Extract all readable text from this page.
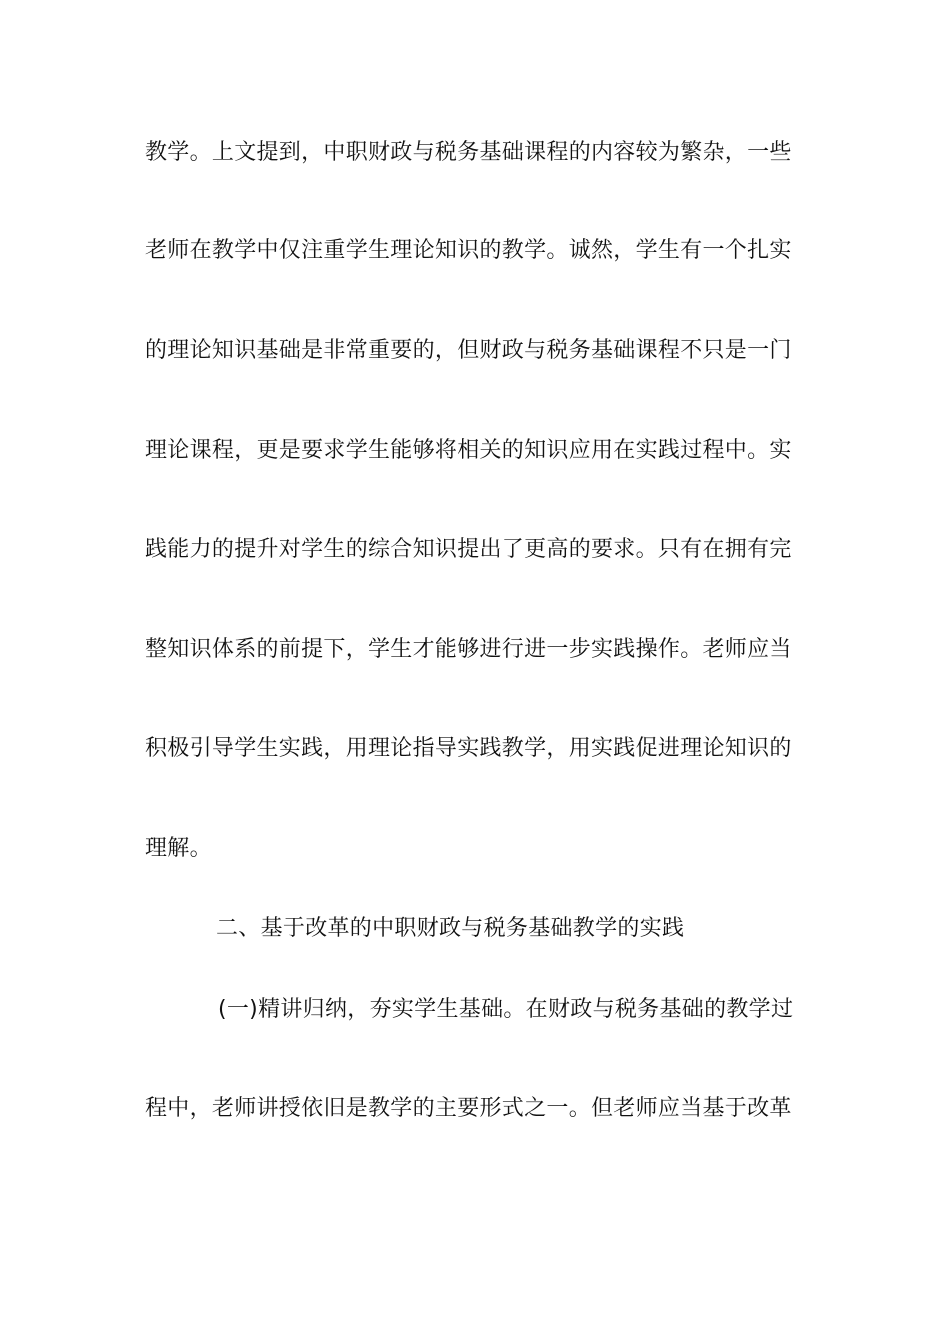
教学。上文提到，中职财政与税务基础课程的内容较为繁杂，一些
老师在教学中仅注重学生理论知识的教学。诚然，学生有一个扎实
的理论知识基础是非常重要的，但财政与税务基础课程不只是一门
理论课程，更是要求学生能够将相关的知识应用在实践过程中。实
践能力的提升对学生的综合知识提出了更高的要求。只有在拥有完
整知识体系的前提下，学生才能够进行进一步实践操作。老师应当
积极引导学生实践，用理论指导实践教学，用实践促进理论知识的
理解。
二、基于改革的中职财政与税务基础教学的实践
(一)精讲归纳，夯实学生基础。在财政与税务基础的教学过
程中，老师讲授依旧是教学的主要形式之一。但老师应当基于改革
